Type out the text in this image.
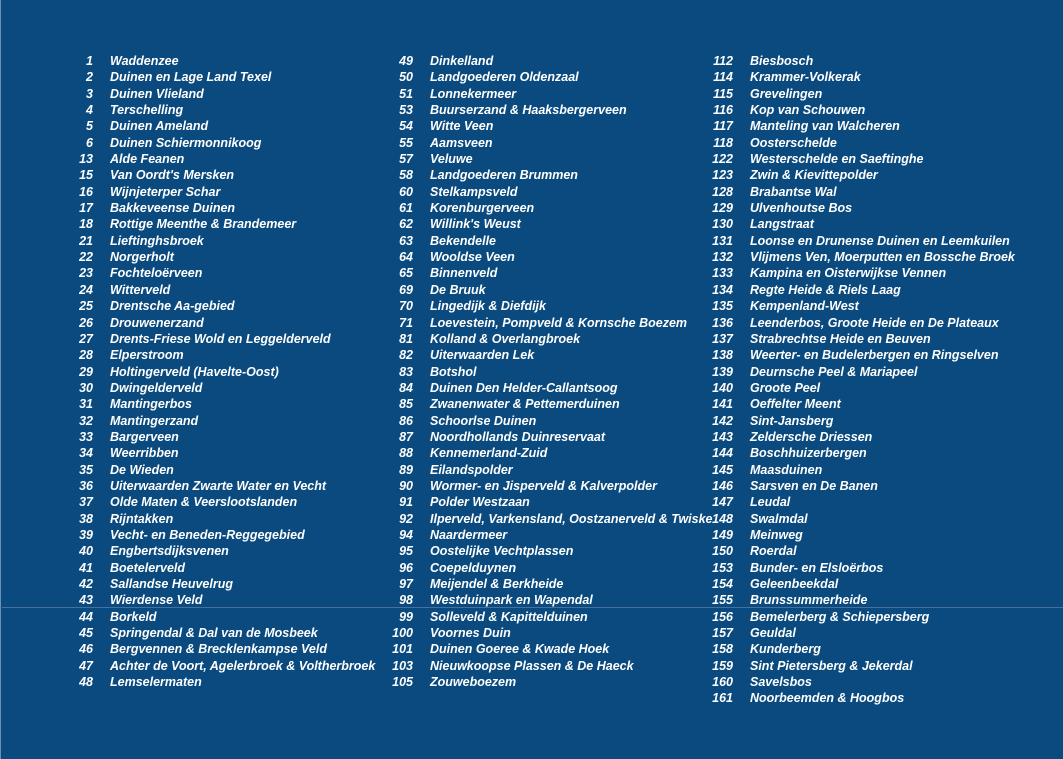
1 Waddenzee
2 Duinen en Lage Land Texel
3 Duinen Vlieland
4 Terschelling
5 Duinen Ameland
6 Duinen Schiermonnikoog
13 Alde Feanen
15 Van Oordt's Mersken
16 Wijnjeterper Schar
17 Bakkeveense Duinen
18 Rottige Meenthe & Brandemeer
21 Lieftinghsbroek
22 Norgerholt
23 Fochteloërveen
24 Witterveld
25 Drentsche Aa-gebied
26 Drouwenerzand
27 Drents-Friese Wold en Leggelderveld
28 Elperstroom
29 Holtingerveld (Havelte-Oost)
30 Dwingelderveld
31 Mantingerbos
32 Mantingerzand
33 Bargerveen
34 Weerribben
35 De Wieden
36 Uiterwaarden Zwarte Water en Vecht
37 Olde Maten & Veerslootslanden
38 Rijntakken
39 Vecht- en Beneden-Reggegebied
40 Engbertsdijksvenen
41 Boetelerveld
42 Sallandse Heuvelrug
43 Wierdense Veld
44 Borkeld
45 Springendal & Dal van de Mosbeek
46 Bergvennen & Brecklenkampse Veld
47 Achter de Voort, Agelerbroek & Voltherbroek
48 Lemselermaten
49 Dinkelland
50 Landgoederen Oldenzaal
51 Lonnekermeer
53 Buurserzand & Haaksbergerveen
54 Witte Veen
55 Aamsveen
57 Veluwe
58 Landgoederen Brummen
60 Stelkampsveld
61 Korenburgerveen
62 Willink's Weust
63 Bekendelle
64 Wooldse Veen
65 Binnenveld
69 De Bruuk
70 Lingedijk & Diefdijk
71 Loevestein, Pompveld & Kornsche Boezem
81 Kolland & Overlangbroek
82 Uiterwaarden Lek
83 Botshol
84 Duinen Den Helder-Callantsoog
85 Zwanenwater & Pettemerduinen
86 Schoorlse Duinen
87 Noordhollands Duinreservaat
88 Kennemerland-Zuid
89 Eilandspolder
90 Wormer- en Jisperveld & Kalverpolder
91 Polder Westzaan
92 Ilperveld, Varkensland, Oostzanerveld & Twiske
94 Naardermeer
95 Oostelijke Vechtplassen
96 Coepelduynen
97 Meijendel & Berkheide
98 Westduinpark en Wapendal
99 Solleveld & Kapittelduinen
100 Voornes Duin
101 Duinen Goeree & Kwade Hoek
103 Nieuwkoopse Plassen & De Haeck
105 Zouweboezem
112 Biesbosch
114 Krammer-Volkerak
115 Grevelingen
116 Kop van Schouwen
117 Manteling van Walcheren
118 Oosterschelde
122 Westerschelde en Saeftinghe
123 Zwin & Kievittepolder
128 Brabantse Wal
129 Ulvenhoutse Bos
130 Langstraat
131 Loonse en Drunense Duinen en Leemkuilen
132 Vlijmens Ven, Moerputten en Bossche Broek
133 Kampina en Oisterwijkse Vennen
134 Regte Heide & Riels Laag
135 Kempenland-West
136 Leenderbos, Groote Heide en De Plateaux
137 Strabrechtse Heide en Beuven
138 Weerter- en Budelerbergen en Ringselven
139 Deurnsche Peel & Mariapeel
140 Groote Peel
141 Oeffelter Meent
142 Sint-Jansberg
143 Zeldersche Driessen
144 Boschhuizerbergen
145 Maasduinen
146 Sarsven en De Banen
147 Leudal
148 Swalmdal
149 Meinweg
150 Roerdal
153 Bunder- en Elsloërbos
154 Geleenbeekdal
155 Brunssummerheide
156 Bemelerberg & Schiepersberg
157 Geuldal
158 Kunderberg
159 Sint Pietersberg & Jekerdal
160 Savelsbos
161 Noorbeemden & Hoogbos
